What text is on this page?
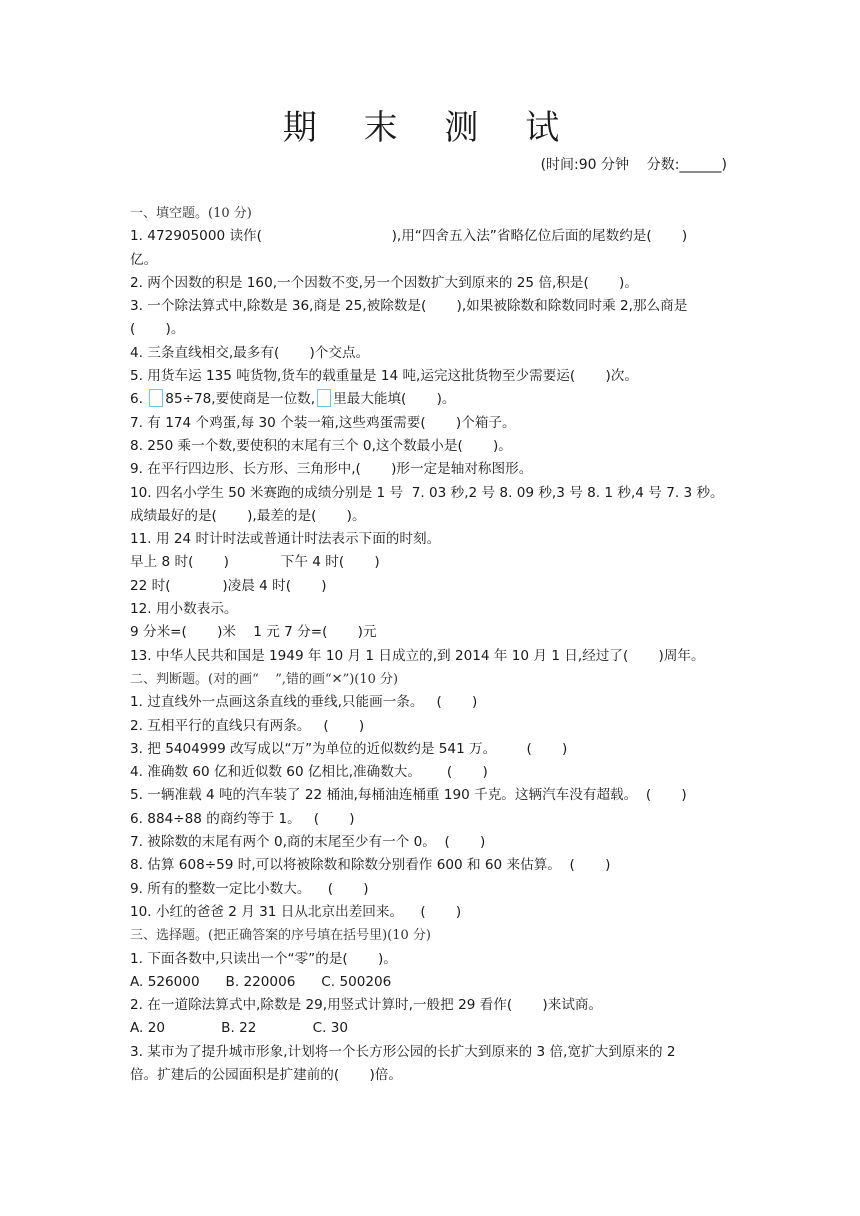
期 末 测 试
(时间:90 分钟    分数:______)
一、填空题。(10 分)
1. 472905000 读作(                              ),用“四舍五入法”省略亿位后面的尾数约是(       )
亿。
2. 两个因数的积是 160,一个因数不变,另一个因数扩大到原来的 25 倍,积是(       )。
3. 一个除法算式中,除数是 36,商是 25,被除数是(       ),如果被除数和除数同时乘 2,那么商是
(       )。
4. 三条直线相交,最多有(       )个交点。
5. 用货车运 135 吨货物,货车的载重量是 14 吨,运完这批货物至少需要运(       )次。
6. 85÷78,要使商是一位数, 里最大能填(       )。
7. 有 174 个鸡蛋,每 30 个装一箱,这些鸡蛋需要(       )个箱子。
8. 250 乘一个数,要使积的末尾有三个 0,这个数最小是(       )。
9. 在平行四边形、长方形、三角形中,(       )形一定是轴对称图形。
10. 四名小学生 50 米赛跑的成绩分别是 1 号  7. 03 秒,2 号 8. 09 秒,3 号 8. 1 秒,4 号 7. 3 秒。
成绩最好的是(       ),最差的是(       )。
11. 用 24 时计时法或普通计时法表示下面的时刻。
早上 8 时(       )            下午 4 时(       )
22 时(            )凌晨 4 时(       )
12. 用小数表示。
9 分米=(       )米    1 元 7 分=(       )元
13. 中华人民共和国是 1949 年 10 月 1 日成立的,到 2014 年 10 月 1 日,经过了(       )周年。
二、判断题。(对的画“    ”,错的画“✕”)(10 分)
1. 过直线外一点画这条直线的垂线,只能画一条。   (       )
2. 互相平行的直线只有两条。   (       )
3. 把 5404999 改写成以“万”为单位的近似数约是 541 万。       (       )
4. 准确数 60 亿和近似数 60 亿相比,准确数大。      (       )
5. 一辆准载 4 吨的汽车装了 22 桶油,每桶油连桶重 190 千克。这辆汽车没有超载。  (       )
6. 884÷88 的商约等于 1。   (       )
7. 被除数的末尾有两个 0,商的末尾至少有一个 0。  (       )
8. 估算 608÷59 时,可以将被除数和除数分别看作 600 和 60 来估算。  (       )
9. 所有的整数一定比小数大。    (       )
10. 小红的爸爸 2 月 31 日从北京出差回来。    (       )
三、选择题。(把正确答案的序号填在括号里)(10 分)
1. 下面各数中,只读出一个“零”的是(       )。
A. 526000      B. 220006      C. 500206
2. 在一道除法算式中,除数是 29,用竖式计算时,一般把 29 看作(       )来试商。
A. 20             B. 22             C. 30
3. 某市为了提升城市形象,计划将一个长方形公园的长扩大到原来的 3 倍,宽扩大到原来的 2
倍。扩建后的公园面积是扩建前的(       )倍。
